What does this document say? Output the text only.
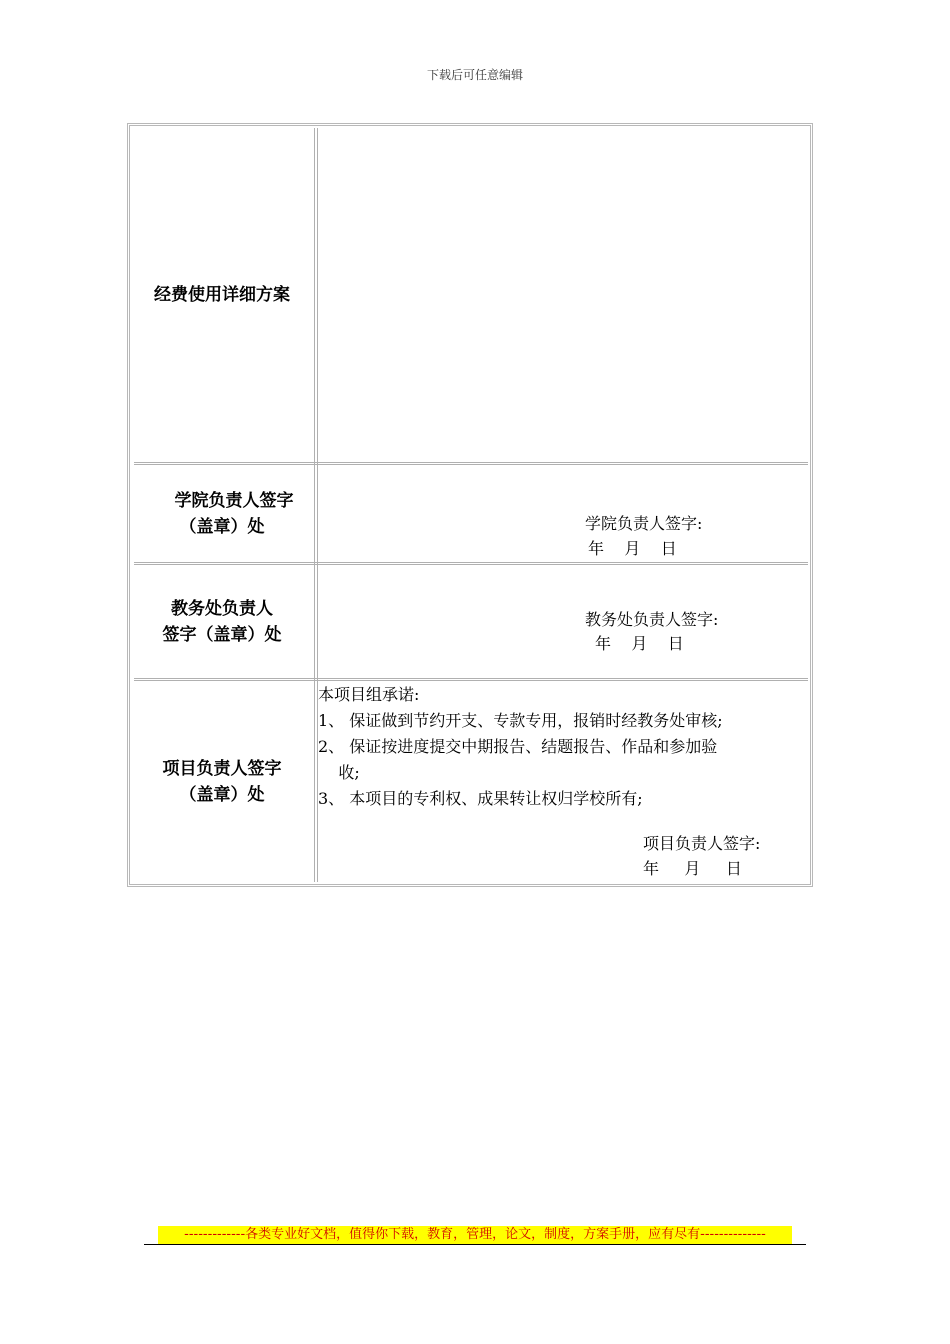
下载后可任意编辑
经费使用详细方案
学院负责人签字
（盖章）处	学院负责人签字:
年    月    日
教务处负责人
签字（盖章）处
教务处负责人签字:
年    月    日
项目负责人签字
（盖章）处
本项目组承诺:
1、 保证做到节约开支、专款专用，报销时经教务处审核;
2、 保证按进度提交中期报告、结题报告、作品和参加验
收;
3、 本项目的专利权、成果转让权归学校所有;
项目负责人签字:
年     月     日
-------------各类专业好文档，值得你下载，教育，管理，论文，制度，方案手册，应有尽有--------------
